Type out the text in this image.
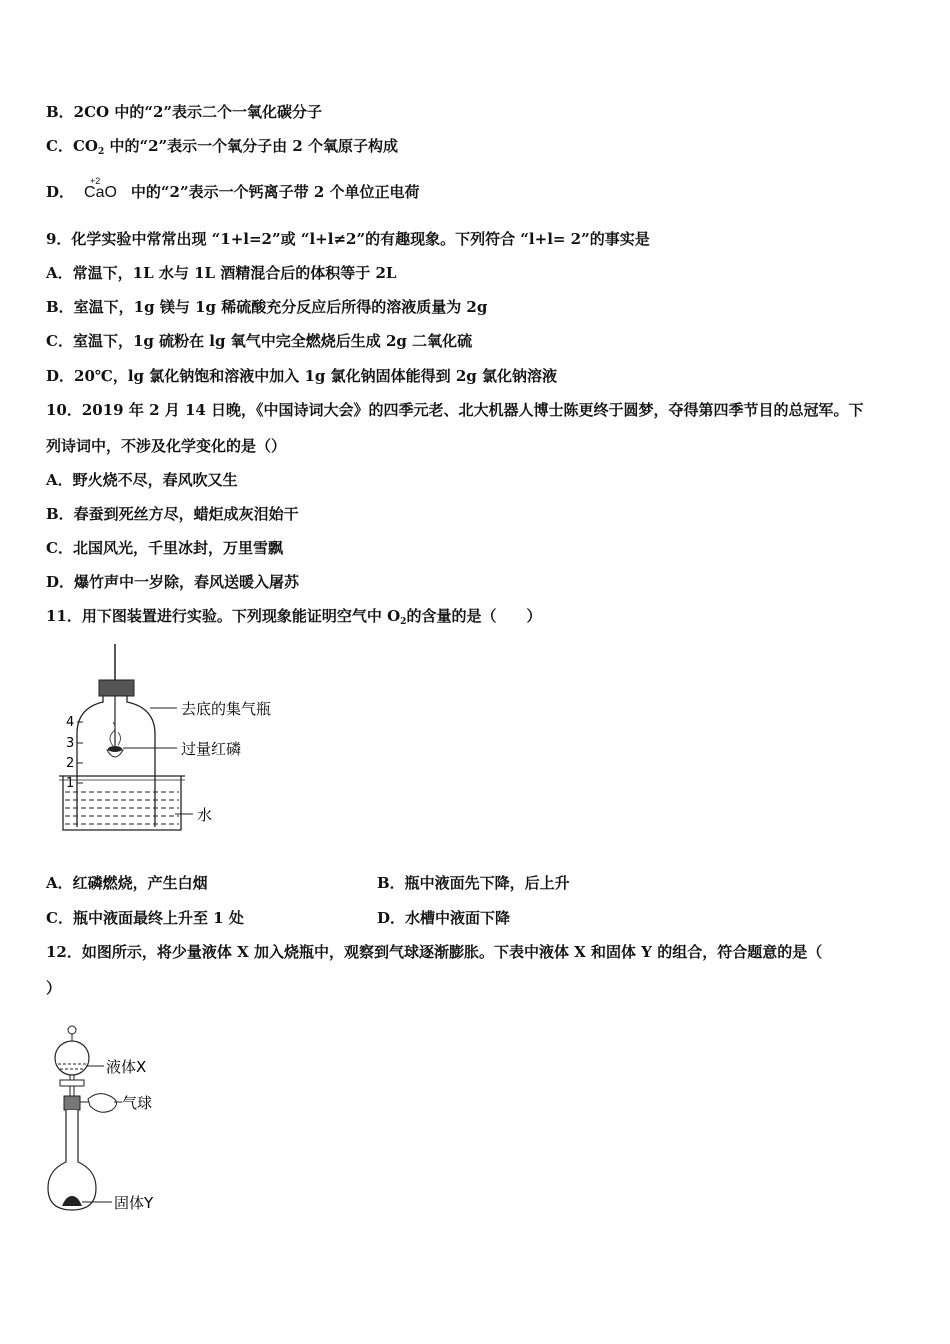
B．2CO 中的“2”表示二个一氧化碳分子
C．$CO_2$ 中的“2”表示一个氧分子由 2 个氧原子构成
D．
+2
CaO 中的“2”表示一个钙离子带 2 个单位正电荷
9．化学实验中常常出现 “1+l=2”或 “l+l≠2”的有趣现象。下列符合 “l+l= 2”的事实是
A．常温下，1L 水与 1L 酒精混合后的体积等于 2L
B．室温下，1g 镁与 1g 稀硫酸充分反应后所得的溶液质量为 2g
C．室温下，1g 硫粉在 lg 氧气中完全燃烧后生成 2g 二氧化硫
D．20℃，lg 氯化钠饱和溶液中加入 1g 氯化钠固体能得到 2g 氯化钠溶液
10．2019 年 2 月 14 日晚，《中国诗词大会》的四季元老、北大机器人博士陈更终于圆梦，夺得第四季节目的总冠军。下
列诗词中，不涉及化学变化的是（）
A．野火烧不尽，春风吹又生
B．春蚕到死丝方尽，蜡炬成灰泪始干
C．北国风光，千里冰封，万里雪飘
D．爆竹声中一岁除，春风送暖入屠苏
11．用下图装置进行实验。下列现象能证明空气中 $O_2$的含量的是（　　）
4
3
2
1
去底的集气瓶
过量红磷
水
A．红磷燃烧，产生白烟	B．瓶中液面先下降，后上升
C．瓶中液面最终上升至 1 处	D．水槽中液面下降
12．如图所示，将少量液体 X 加入烧瓶中，观察到气球逐渐膨胀。下表中液体 X 和固体 Y 的组合，符合题意的是（
）
液体X
气球
固体Y
